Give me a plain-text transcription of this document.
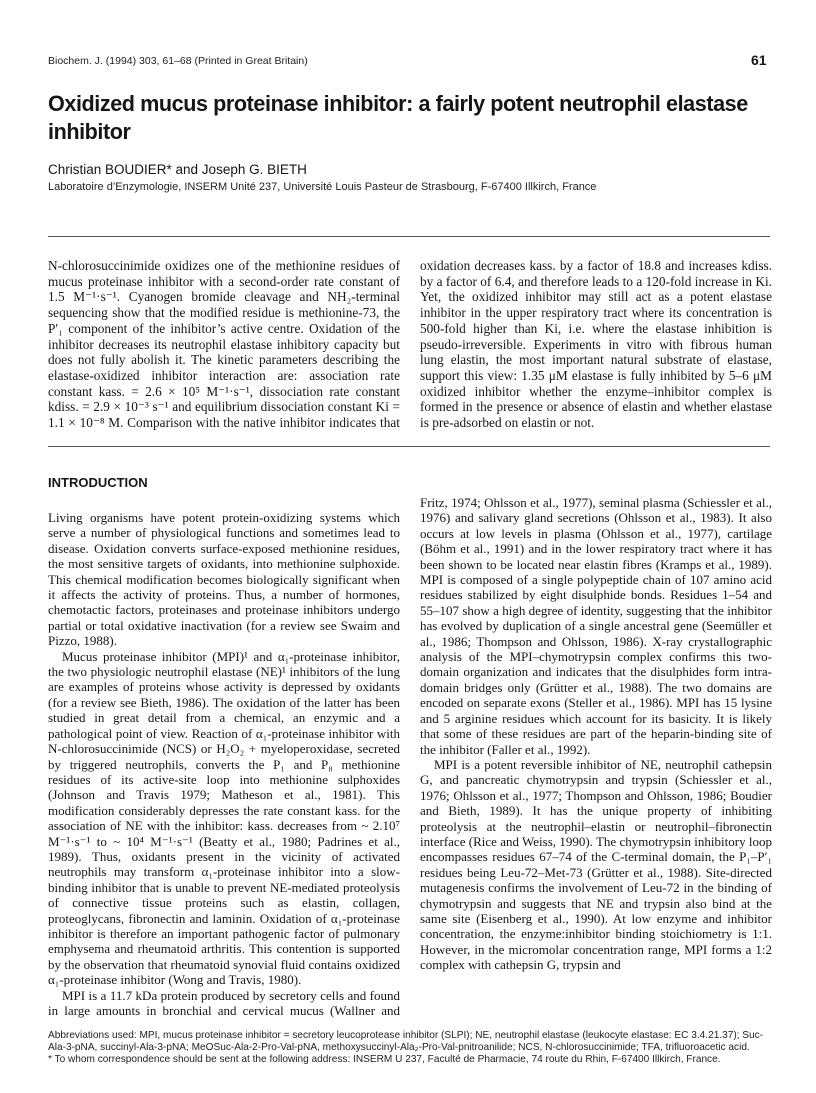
Biochem. J. (1994) 303, 61–68 (Printed in Great Britain)	61
Oxidized mucus proteinase inhibitor: a fairly potent neutrophil elastase inhibitor
Christian BOUDIER* and Joseph G. BIETH
Laboratoire d’Enzymologie, INSERM Unité 237, Université Louis Pasteur de Strasbourg, F-67400 Illkirch, France
N-chlorosuccinimide oxidizes one of the methionine residues of mucus proteinase inhibitor with a second-order rate constant of 1.5 M⁻¹·s⁻¹. Cyanogen bromide cleavage and NH₂-terminal sequencing show that the modified residue is methionine-73, the P′₁ component of the inhibitor’s active centre. Oxidation of the inhibitor decreases its neutrophil elastase inhibitory capacity but does not fully abolish it. The kinetic parameters describing the elastase-oxidized inhibitor interaction are: association rate constant kass. = 2.6 × 10⁵ M⁻¹·s⁻¹, dissociation rate constant kdiss. = 2.9 × 10⁻³ s⁻¹ and equilibrium dissociation constant Ki = 1.1 × 10⁻⁸ M. Comparison with the native inhibitor indicates that oxidation decreases kass. by a factor of 18.8 and increases kdiss. by a factor of 6.4, and therefore leads to a 120-fold increase in Ki. Yet, the oxidized inhibitor may still act as a potent elastase inhibitor in the upper respiratory tract where its concentration is 500-fold higher than Ki, i.e. where the elastase inhibition is pseudo-irreversible. Experiments in vitro with fibrous human lung elastin, the most important natural substrate of elastase, support this view: 1.35 μM elastase is fully inhibited by 5–6 μM oxidized inhibitor whether the enzyme–inhibitor complex is formed in the presence or absence of elastin and whether elastase is pre-adsorbed on elastin or not.
INTRODUCTION

Living organisms have potent protein-oxidizing systems which serve a number of physiological functions and sometimes lead to disease. Oxidation converts surface-exposed methionine residues, the most sensitive targets of oxidants, into methionine sulphoxide. This chemical modification becomes biologically significant when it affects the activity of proteins. Thus, a number of hormones, chemotactic factors, proteinases and proteinase inhibitors undergo partial or total oxidative inactivation (for a review see Swaim and Pizzo, 1988).

Mucus proteinase inhibitor (MPI)¹ and α₁-proteinase inhibitor, the two physiologic neutrophil elastase (NE)¹ inhibitors of the lung are examples of proteins whose activity is depressed by oxidants (for a review see Bieth, 1986). The oxidation of the latter has been studied in great detail from a chemical, an enzymic and a pathological point of view. Reaction of α₁-proteinase inhibitor with N-chlorosuccinimide (NCS) or H₂O₂ + myeloperoxidase, secreted by triggered neutrophils, converts the P₁ and P₈ methionine residues of its active-site loop into methionine sulphoxides (Johnson and Travis 1979; Matheson et al., 1981). This modification considerably depresses the rate constant kass. for the association of NE with the inhibitor: kass. decreases from ~ 2.10⁷ M⁻¹·s⁻¹ to ~ 10⁴ M⁻¹·s⁻¹ (Beatty et al., 1980; Padrines et al., 1989). Thus, oxidants present in the vicinity of activated neutrophils may transform α₁-proteinase inhibitor into a slow-binding inhibitor that is unable to prevent NE-mediated proteolysis of connective tissue proteins such as elastin, collagen, proteoglycans, fibronectin and laminin. Oxidation of α₁-proteinase inhibitor is therefore an important pathogenic factor of pulmonary emphysema and rheumatoid arthritis. This contention is supported by the observation that rheumatoid synovial fluid contains oxidized α₁-proteinase inhibitor (Wong and Travis, 1980).

MPI is a 11.7 kDa protein produced by secretory cells and found in large amounts in bronchial and cervical mucus (Wallner and Fritz, 1974; Ohlsson et al., 1977), seminal plasma (Schiessler et al., 1976) and salivary gland secretions (Ohlsson et al., 1983). It also occurs at low levels in plasma (Ohlsson et al., 1977), cartilage (Böhm et al., 1991) and in the lower respiratory tract where it has been shown to be located near elastin fibres (Kramps et al., 1989). MPI is composed of a single polypeptide chain of 107 amino acid residues stabilized by eight disulphide bonds. Residues 1–54 and 55–107 show a high degree of identity, suggesting that the inhibitor has evolved by duplication of a single ancestral gene (Seemüller et al., 1986; Thompson and Ohlsson, 1986). X-ray crystallographic analysis of the MPI–chymotrypsin complex confirms this two-domain organization and indicates that the disulphides form intra-domain bridges only (Grütter et al., 1988). The two domains are encoded on separate exons (Steller et al., 1986). MPI has 15 lysine and 5 arginine residues which account for its basicity. It is likely that some of these residues are part of the heparin-binding site of the inhibitor (Faller et al., 1992).

MPI is a potent reversible inhibitor of NE, neutrophil cathepsin G, and pancreatic chymotrypsin and trypsin (Schiessler et al., 1976; Ohlsson et al., 1977; Thompson and Ohlsson, 1986; Boudier and Bieth, 1989). It has the unique property of inhibiting proteolysis at the neutrophil–elastin or neutrophil–fibronectin interface (Rice and Weiss, 1990). The chymotrypsin inhibitory loop encompasses residues 67–74 of the C-terminal domain, the P₁–P′₁ residues being Leu-72–Met-73 (Grütter et al., 1988). Site-directed mutagenesis confirms the involvement of Leu-72 in the binding of chymotrypsin and suggests that NE and trypsin also bind at the same site (Eisenberg et al., 1990). At low enzyme and inhibitor concentration, the enzyme:inhibitor binding stoichiometry is 1:1. However, in the micromolar concentration range, MPI forms a 1:2 complex with cathepsin G, trypsin and

Abbreviations used: MPI, mucus proteinase inhibitor = secretory leucoprotease inhibitor (SLPI); NE, neutrophil elastase (leukocyte elastase: EC 3.4.21.37); Suc-Ala-3-pNA, succinyl-Ala-3-pNA; MeOSuc-Ala-2-Pro-Val-pNA, methoxysuccinyl-Ala₂-Pro-Val-pnitroanilide; NCS, N-chlorosuccinimide; TFA, trifluoroacetic acid.
* To whom correspondence should be sent at the following address: INSERM U 237, Faculté de Pharmacie, 74 route du Rhin, F-67400 Illkirch, France.
